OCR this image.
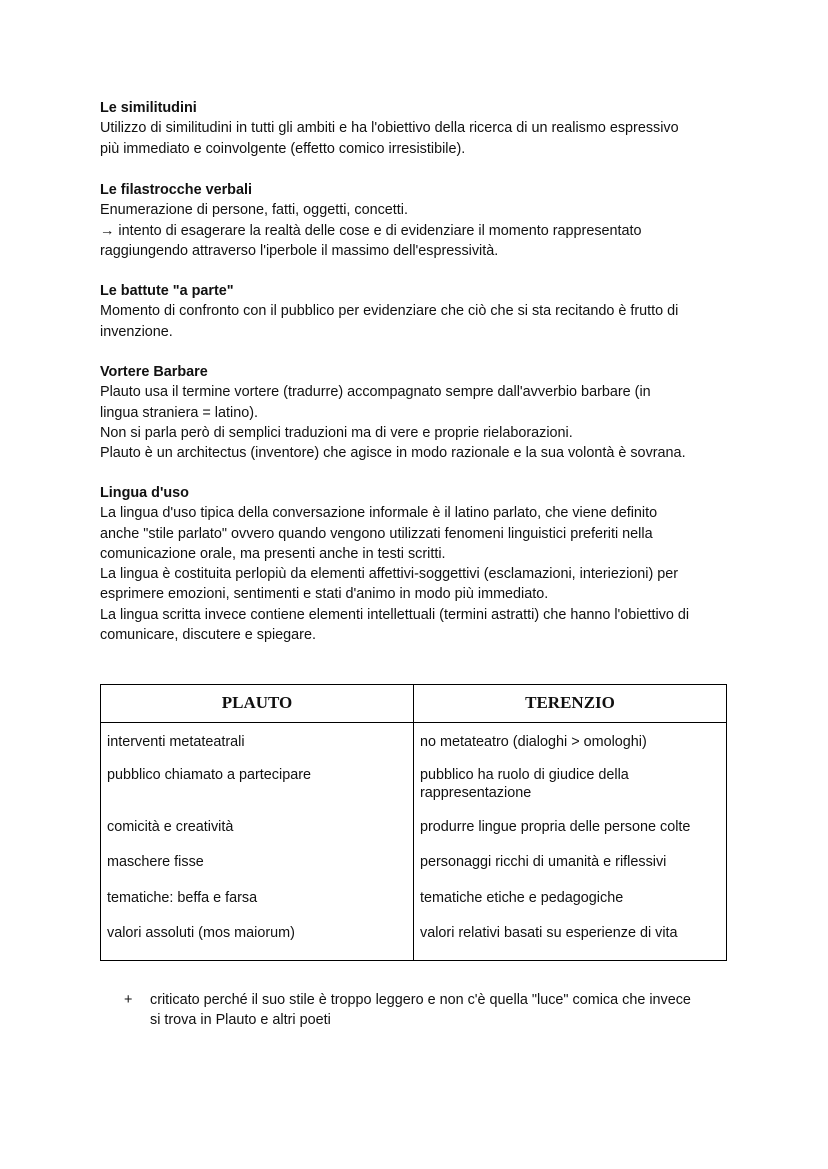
Le similitudini

Utilizzo di similitudini in tutti gli ambiti e ha l'obiettivo della ricerca di un realismo espressivo

più immediato e coinvolgente (effetto comico irresistibile).

Le filastrocche verbali

Enumerazione di persone, fatti, oggetti, concetti.

→ intento di esagerare la realtà delle cose e di evidenziare il momento rappresentato

raggiungendo attraverso l'iperbole il massimo dell'espressività.

Le battute "a parte"

Momento di confronto con il pubblico per evidenziare che ciò che si sta recitando è frutto di

invenzione.

Vortere Barbare

Plauto usa il termine vortere (tradurre) accompagnato sempre dall'avverbio barbare (in

lingua straniera = latino).

Non si parla però di semplici traduzioni ma di vere e proprie rielaborazioni.

Plauto è un architectus (inventore) che agisce in modo razionale e la sua volontà è sovrana.

Lingua d'uso

La lingua d'uso tipica della conversazione informale è il latino parlato, che viene definito

anche "stile parlato" ovvero quando vengono utilizzati fenomeni linguistici preferiti nella

comunicazione orale, ma presenti anche in testi scritti.

La lingua è costituita perlopiù da elementi affettivi-soggettivi (esclamazioni, interiezioni) per

esprimere emozioni, sentimenti e stati d'animo in modo più immediato.

La lingua scritta invece contiene elementi intellettuali (termini astratti) che hanno l'obiettivo di

comunicare, discutere e spiegare.

PLAUTO	TERENZIO
interventi metateatrali	no metateatro (dialoghi > omologhi)
pubblico chiamato a partecipare	pubblico ha ruolo di giudice della rappresentazione
comicità e creatività	produrre lingue propria delle persone colte
maschere fisse	personaggi ricchi di umanità e riflessivi
tematiche: beffa e farsa	tematiche etiche e pedagogiche
valori assoluti (mos maiorum)	valori relativi basati su esperienze di vita
+	criticato perché il suo stile è troppo leggero e non c'è quella "luce" comica che invece
si trova in Plauto e altri poeti
